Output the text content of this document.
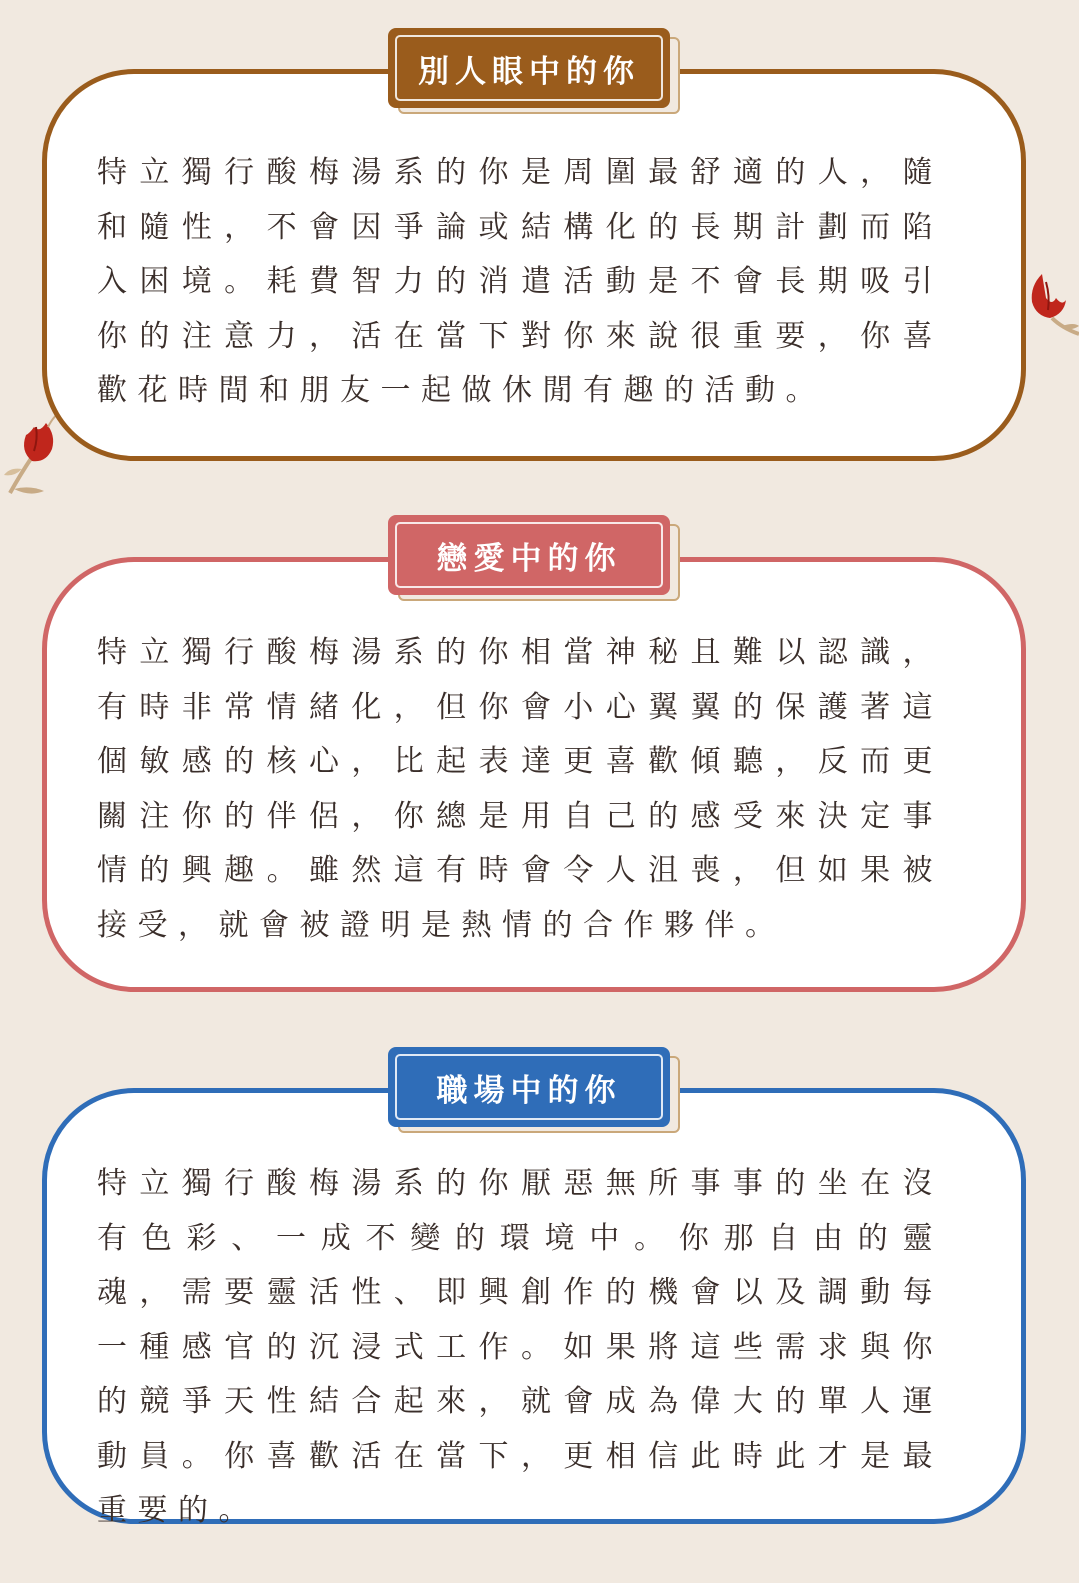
特立獨行酸梅湯系的你是周圍最舒適的人，隨和隨性，不會因爭論或結構化的長期計劃而陷入困境。耗費智力的消遣活動是不會長期吸引你的注意力，活在當下對你來說很重要，你喜歡花時間和朋友一起做休閒有趣的活動。
別人眼中的你
特立獨行酸梅湯系的你相當神秘且難以認識，有時非常情緒化，但你會小心翼翼的保護著這個敏感的核心，比起表達更喜歡傾聽，反而更關注你的伴侶，你總是用自己的感受來決定事情的興趣。雖然這有時會令人沮喪，但如果被接受，就會被證明是熱情的合作夥伴。
戀愛中的你
特立獨行酸梅湯系的你厭惡無所事事的坐在沒有色彩、一成不變的環境中。你那自由的靈魂，需要靈活性、即興創作的機會以及調動每一種感官的沉浸式工作。如果將這些需求與你的競爭天性結合起來，就會成為偉大的單人運動員。你喜歡活在當下，更相信此時此才是最重要的。
職場中的你
